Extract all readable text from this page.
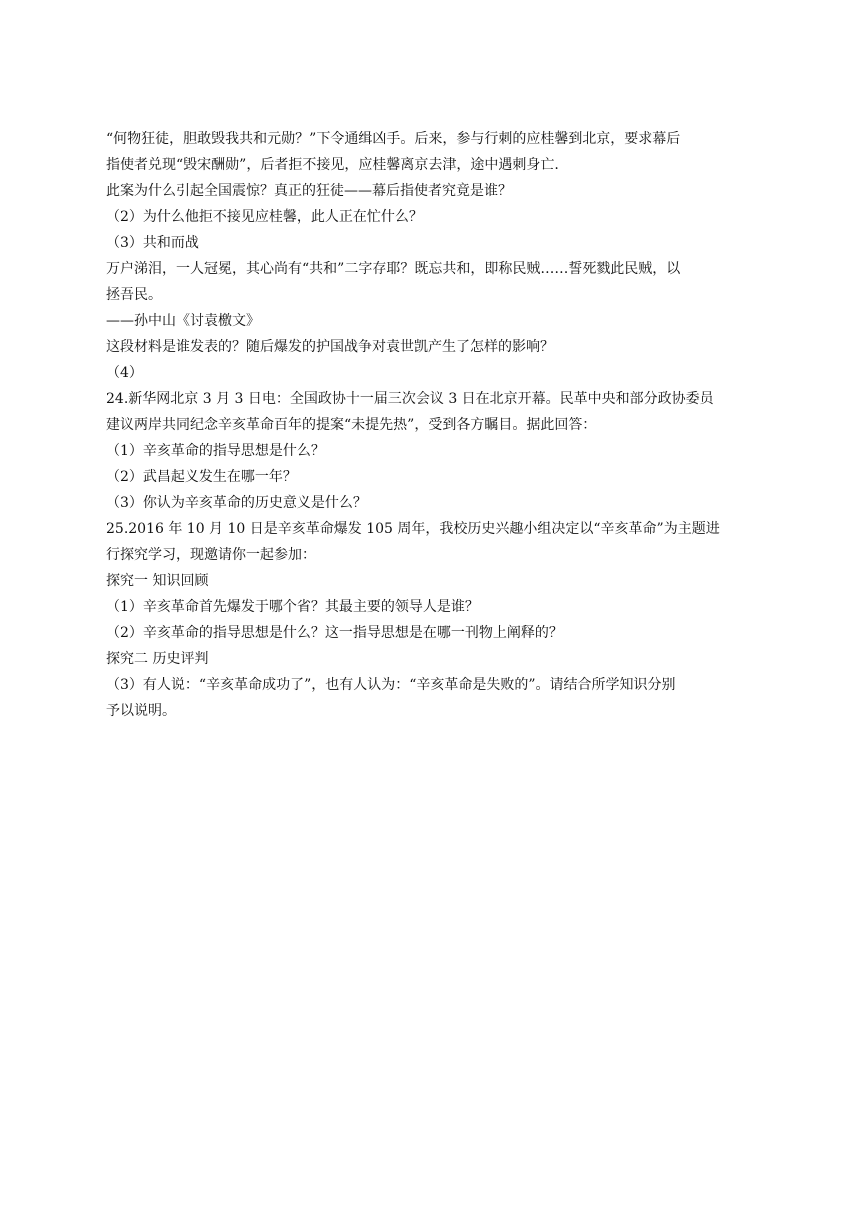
“何物狂徒，胆敢毁我共和元勋？”下令通缉凶手。后来，参与行刺的应桂馨到北京，要求幕后

指使者兑现“毁宋酬勋”，后者拒不接见，应桂馨离京去津，途中遇刺身亡.

此案为什么引起全国震惊？真正的狂徒——幕后指使者究竟是谁？

（2）为什么他拒不接见应桂馨，此人正在忙什么？

（3）共和而战

万户涕泪，一人冠冕，其心尚有“共和”二字存耶？既忘共和，即称民贼……誓死戮此民贼，以

拯吾民。

——孙中山《讨袁檄文》

这段材料是谁发表的？随后爆发的护国战争对袁世凯产生了怎样的影响？

（4）

24.新华网北京 3 月 3 日电：全国政协十一届三次会议 3 日在北京开幕。民革中央和部分政协委员

建议两岸共同纪念辛亥革命百年的提案“未提先热”，受到各方瞩目。据此回答：

（1）辛亥革命的指导思想是什么？

（2）武昌起义发生在哪一年？

（3）你认为辛亥革命的历史意义是什么？

25.2016 年 10 月 10 日是辛亥革命爆发 105 周年，我校历史兴趣小组决定以“辛亥革命”为主题进

行探究学习，现邀请你一起参加：

探究一 知识回顾

（1）辛亥革命首先爆发于哪个省？其最主要的领导人是谁？

（2）辛亥革命的指导思想是什么？这一指导思想是在哪一刊物上阐释的？

探究二 历史评判

（3）有人说：“辛亥革命成功了”，也有人认为：“辛亥革命是失败的”。请结合所学知识分别

予以说明。
